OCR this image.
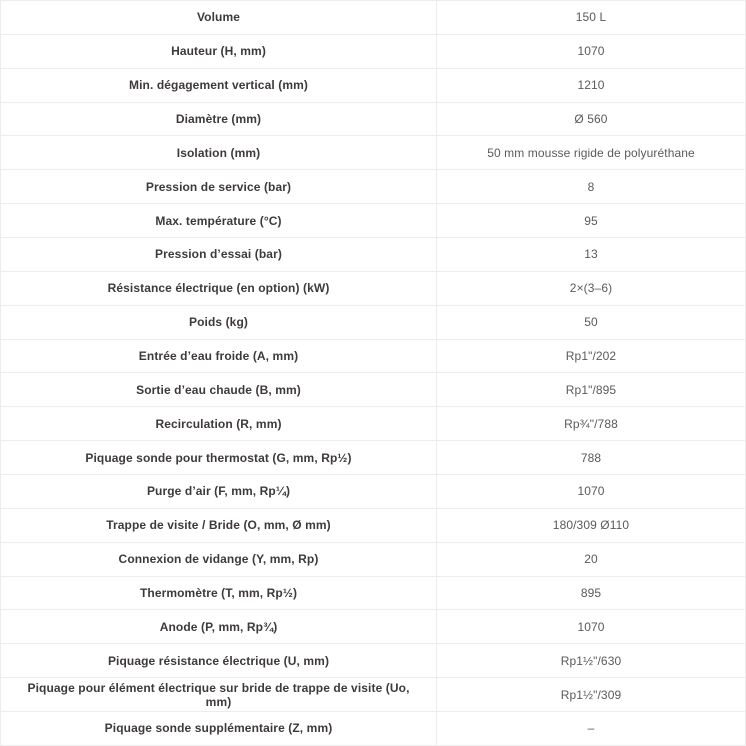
Volume	150 L
Hauteur (H, mm)	1070
Min. dégagement vertical (mm)	1210
Diamètre (mm)	Ø 560
Isolation (mm)	50 mm mousse rigide de polyuréthane
Pression de service (bar)	8
Max. température (°C)	95
Pression d’essai (bar)	13
Résistance électrique (en option) (kW)	2×(3–6)
Poids (kg)	50
Entrée d’eau froide (A, mm)	Rp1"/202
Sortie d’eau chaude (B, mm)	Rp1"/895
Recirculation (R, mm)	Rp¾"/788
Piquage sonde pour thermostat (G, mm, Rp½)	788
Purge d’air (F, mm, Rp¼)	1070
Trappe de visite / Bride (O, mm, Ø mm)	180/309 Ø110
Connexion de vidange (Y, mm, Rp)	20
Thermomètre (T, mm, Rp½)	895
Anode (P, mm, Rp¾)	1070
Piquage résistance électrique (U, mm)	Rp1½"/630
Piquage pour élément électrique sur bride de trappe de visite (Uo, mm)	Rp1½"/309
Piquage sonde supplémentaire (Z, mm)	–
